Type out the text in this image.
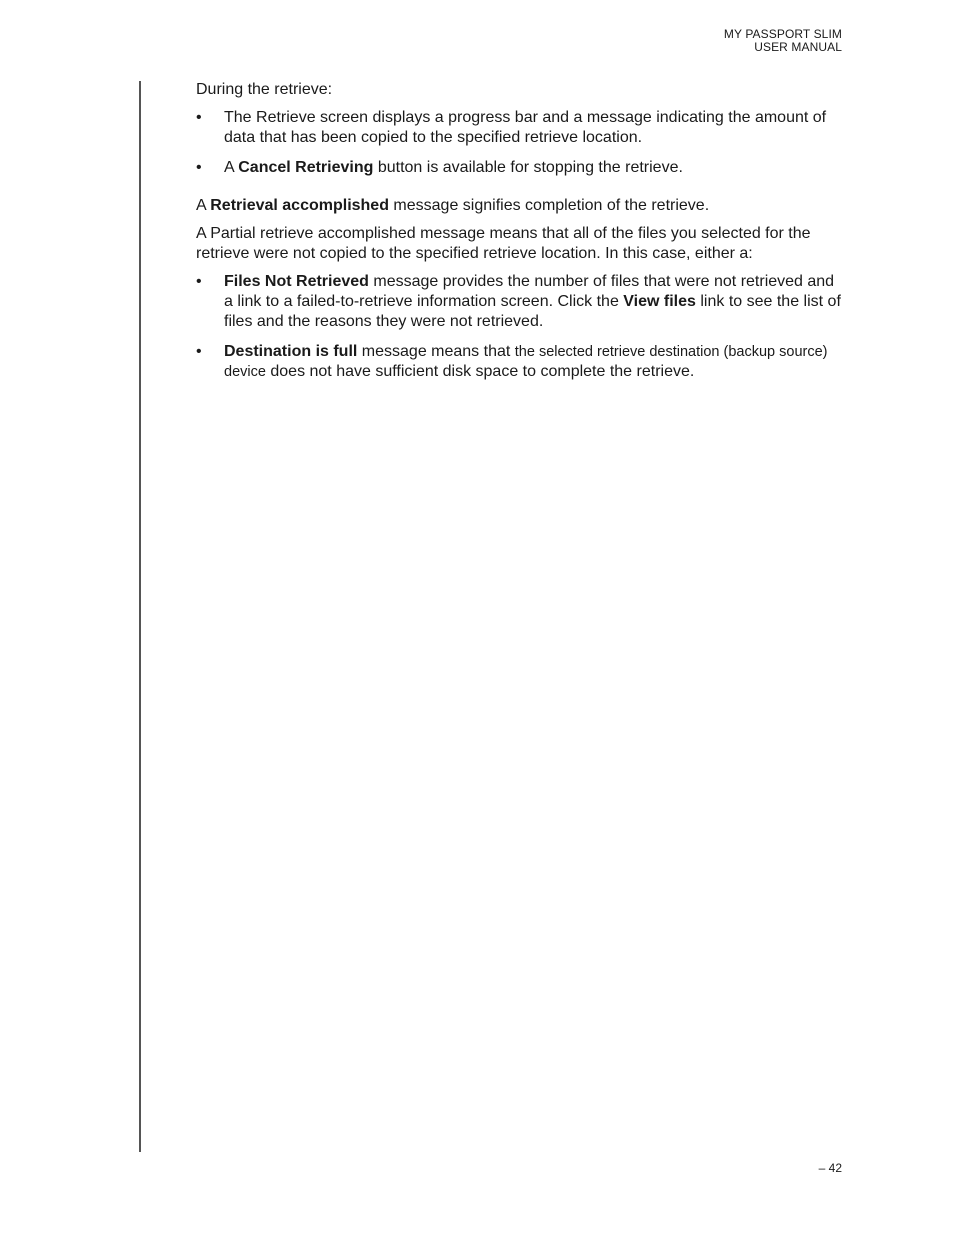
MY PASSPORT SLIM
USER MANUAL

During the retrieve:

•	The Retrieve screen displays a progress bar and a message indicating the amount of data that has been copied to the specified retrieve location.
•	A Cancel Retrieving button is available for stopping the retrieve.

A Retrieval accomplished message signifies completion of the retrieve.

A Partial retrieve accomplished message means that all of the files you selected for the retrieve were not copied to the specified retrieve location. In this case, either a:

•	Files Not Retrieved message provides the number of files that were not retrieved and a link to a failed-to-retrieve information screen. Click the View files link to see the list of files and the reasons they were not retrieved.
•	Destination is full message means that the selected retrieve destination (backup source) device does not have sufficient disk space to complete the retrieve.
– 42
